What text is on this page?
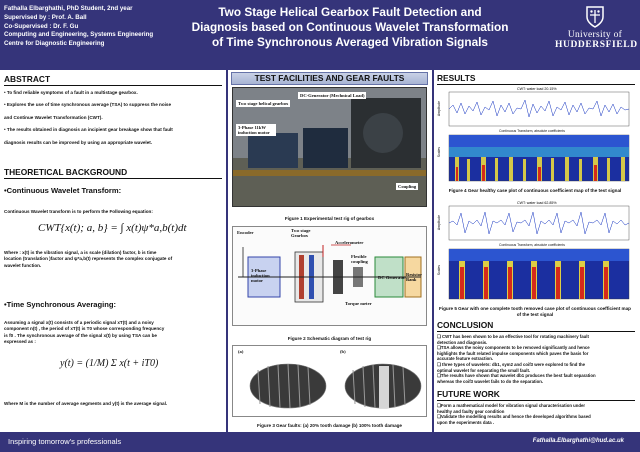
Fathalla Elbarghathi, PhD Student, 2nd year
Supervised by : Prof. A. Ball
Co-Supervised : Dr. F. Gu
Computing and Engineering, Systems Engineering
Centre for Diagnostic Engineering
Two Stage Helical Gearbox Fault Detection and
Diagnosis based on Continuous Wavelet Transformation
of Time Synchronous Averaged Vibration Signals	University of
HUDDERSFIELD
ABSTRACT
• To find reliable symptoms of a fault in a multistage gearbox.
• Explores the use of time synchronous average (TSA) to suppress the noise
and Continue Wavelet Transformation (CWT).
• The results obtained in diagnosis an incipient gear breakage show that fault
diagnosis results can be improved by using an appropriate wavelet.
THEORETICAL BACKGROUND
•Continuous Wavelet Transform:
Continuous Wavelet transform is to perform the Following equation:
CWT{x(t); a, b} = ∫ x(t)ψ*a,b(t)dt
Where : x(t) is the vibration signal, a is scale (dilation) factor, b is time
location (translation )factor and ψ*a,b(t) represents the complex conjugate of
wavelet function.
•Time Synchronous Averaging:
Assuming a signal x(t) consists of a periodic signal xT(t) and a noisy
component n(t) , the period of xT(t) is T0 whose corresponding frequency
is f0 . The synchronous average of the signal x(t) by using TSA can be
expressed as :
y(t) = (1/M) Σ x(t + iT0)
Where M is the number of average segments and y(t) is the average signal.
TEST FACILITIES AND GEAR FAULTS
DC-Generator (Mechnical Load)
Two stage helical gearbox
3-Phase 11kW induction motor
Coupling
Figure 1 Experimental test rig of gearbox
Encoder	Two stage Gearbox
Accelerometer
Flexible coupling
3-Phase induction motor
Torque meter
DC Generator
Resistor Bank
Figure 2 Schematic diagram of test rig
(a)	(b)
Figure 3 Gear faults: (a) 20% tooth damage (b) 100% tooth damage
RESULTS
CWT: water load 20.15%
Amplitude
Continuous Transform, absolute coefficients
Scales
Figure 4 Gear healthy case plot of continuous coefficient map of the test signal
CWT: water load 62.85%
Amplitude
Continuous Transform, absolute coefficients
Scales
Figure 5 Gear with one complete tooth removed case plot of continuous coefficient map of the test signal
CONCLUSION
❑ CWT has been shown to be an effective tool for rotating machinery fault
detection and diagnosis.
❑TSA allows the noisy components to be removed significantly and hence
highlights the fault related impulse components which paves the basis for
accurate feature extraction.
❑ three types of wavelets: db1, sym2 and coif3 were explored to find the
optimal wavelet for separating the small fault.
❑The results have shown that wavelet db1 produces the best fault separation
whereas the coif3 wavelet fails to do the separation.
FUTURE WORK
❑Form a mathematical model for vibration signal characterisation under
healthy and faulty gear condition
❑Validate the modelling results and hence the developed algorithms based
upon the experiments data .
Inspiring tomorrow's professionals	Fathalla.Elbarghathi@hud.ac.uk
